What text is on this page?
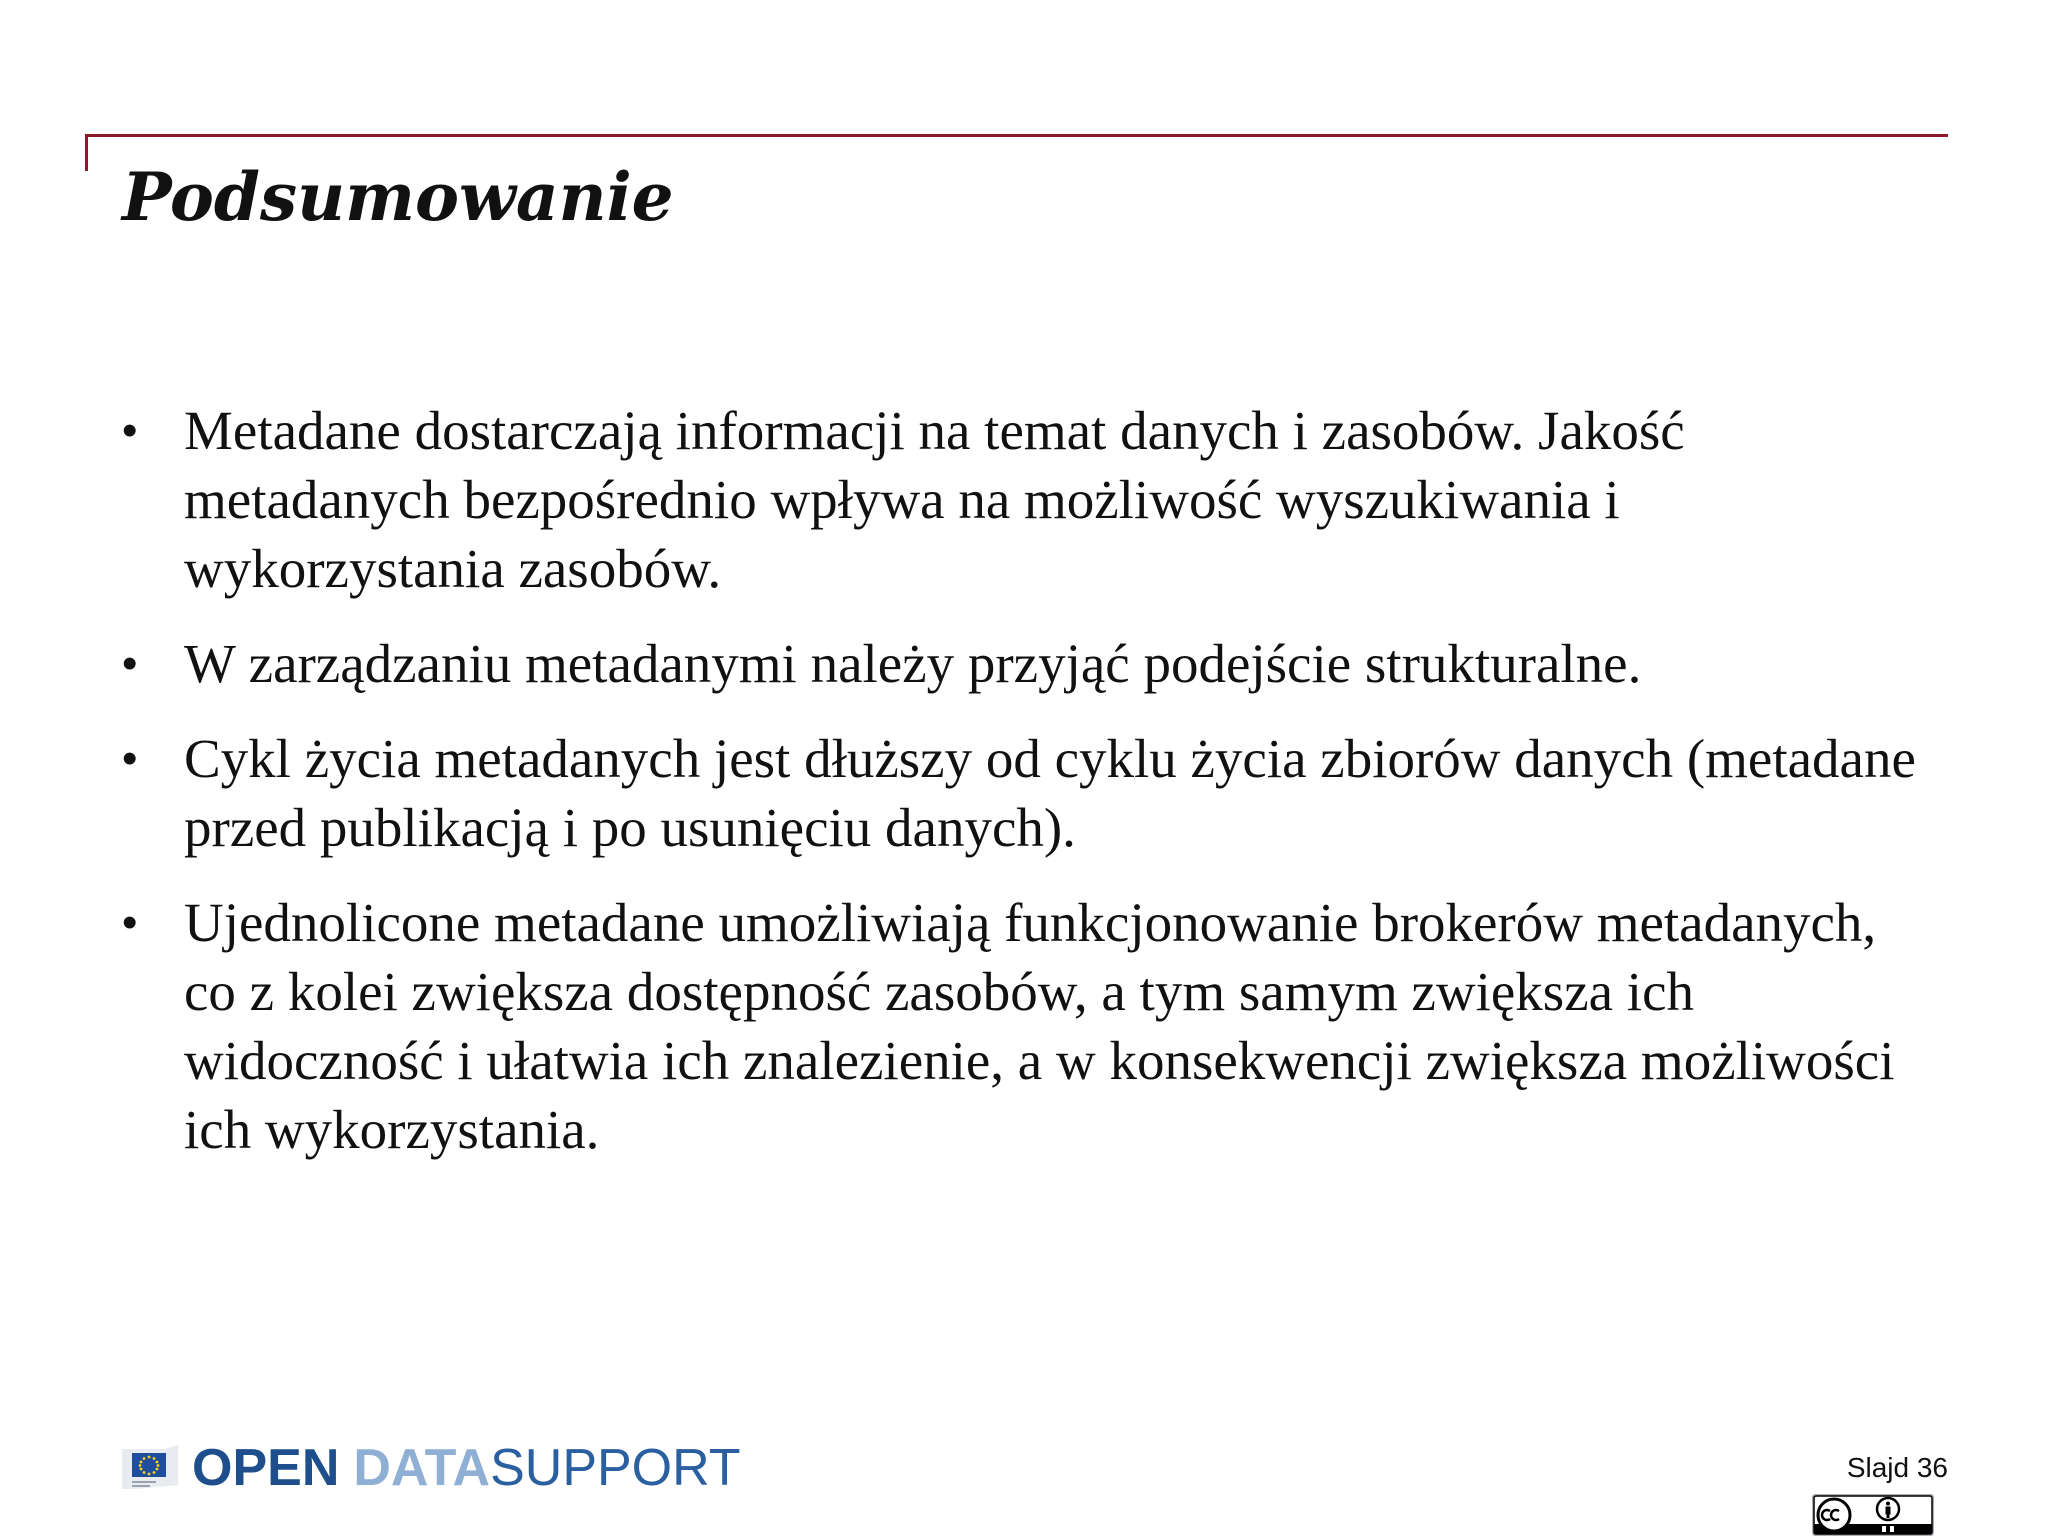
Podsumowanie
• Metadane dostarczają informacji na temat danych i zasobów. Jakość metadanych bezpośrednio wpływa na możliwość wyszukiwania i wykorzystania zasobów.
• W zarządzaniu metadanymi należy przyjąć podejście strukturalne.
• Cykl życia metadanych jest dłuższy od cyklu życia zbiorów danych (metadane przed publikacją i po usunięciu danych).
• Ujednolicone metadane umożliwiają funkcjonowanie brokerów metadanych, co z kolei zwiększa dostępność zasobów, a tym samym zwiększa ich widoczność i ułatwia ich znalezienie, a w konsekwencji zwiększa możliwości ich wykorzystania.
OPEN DATA SUPPORT	Slajd 36
